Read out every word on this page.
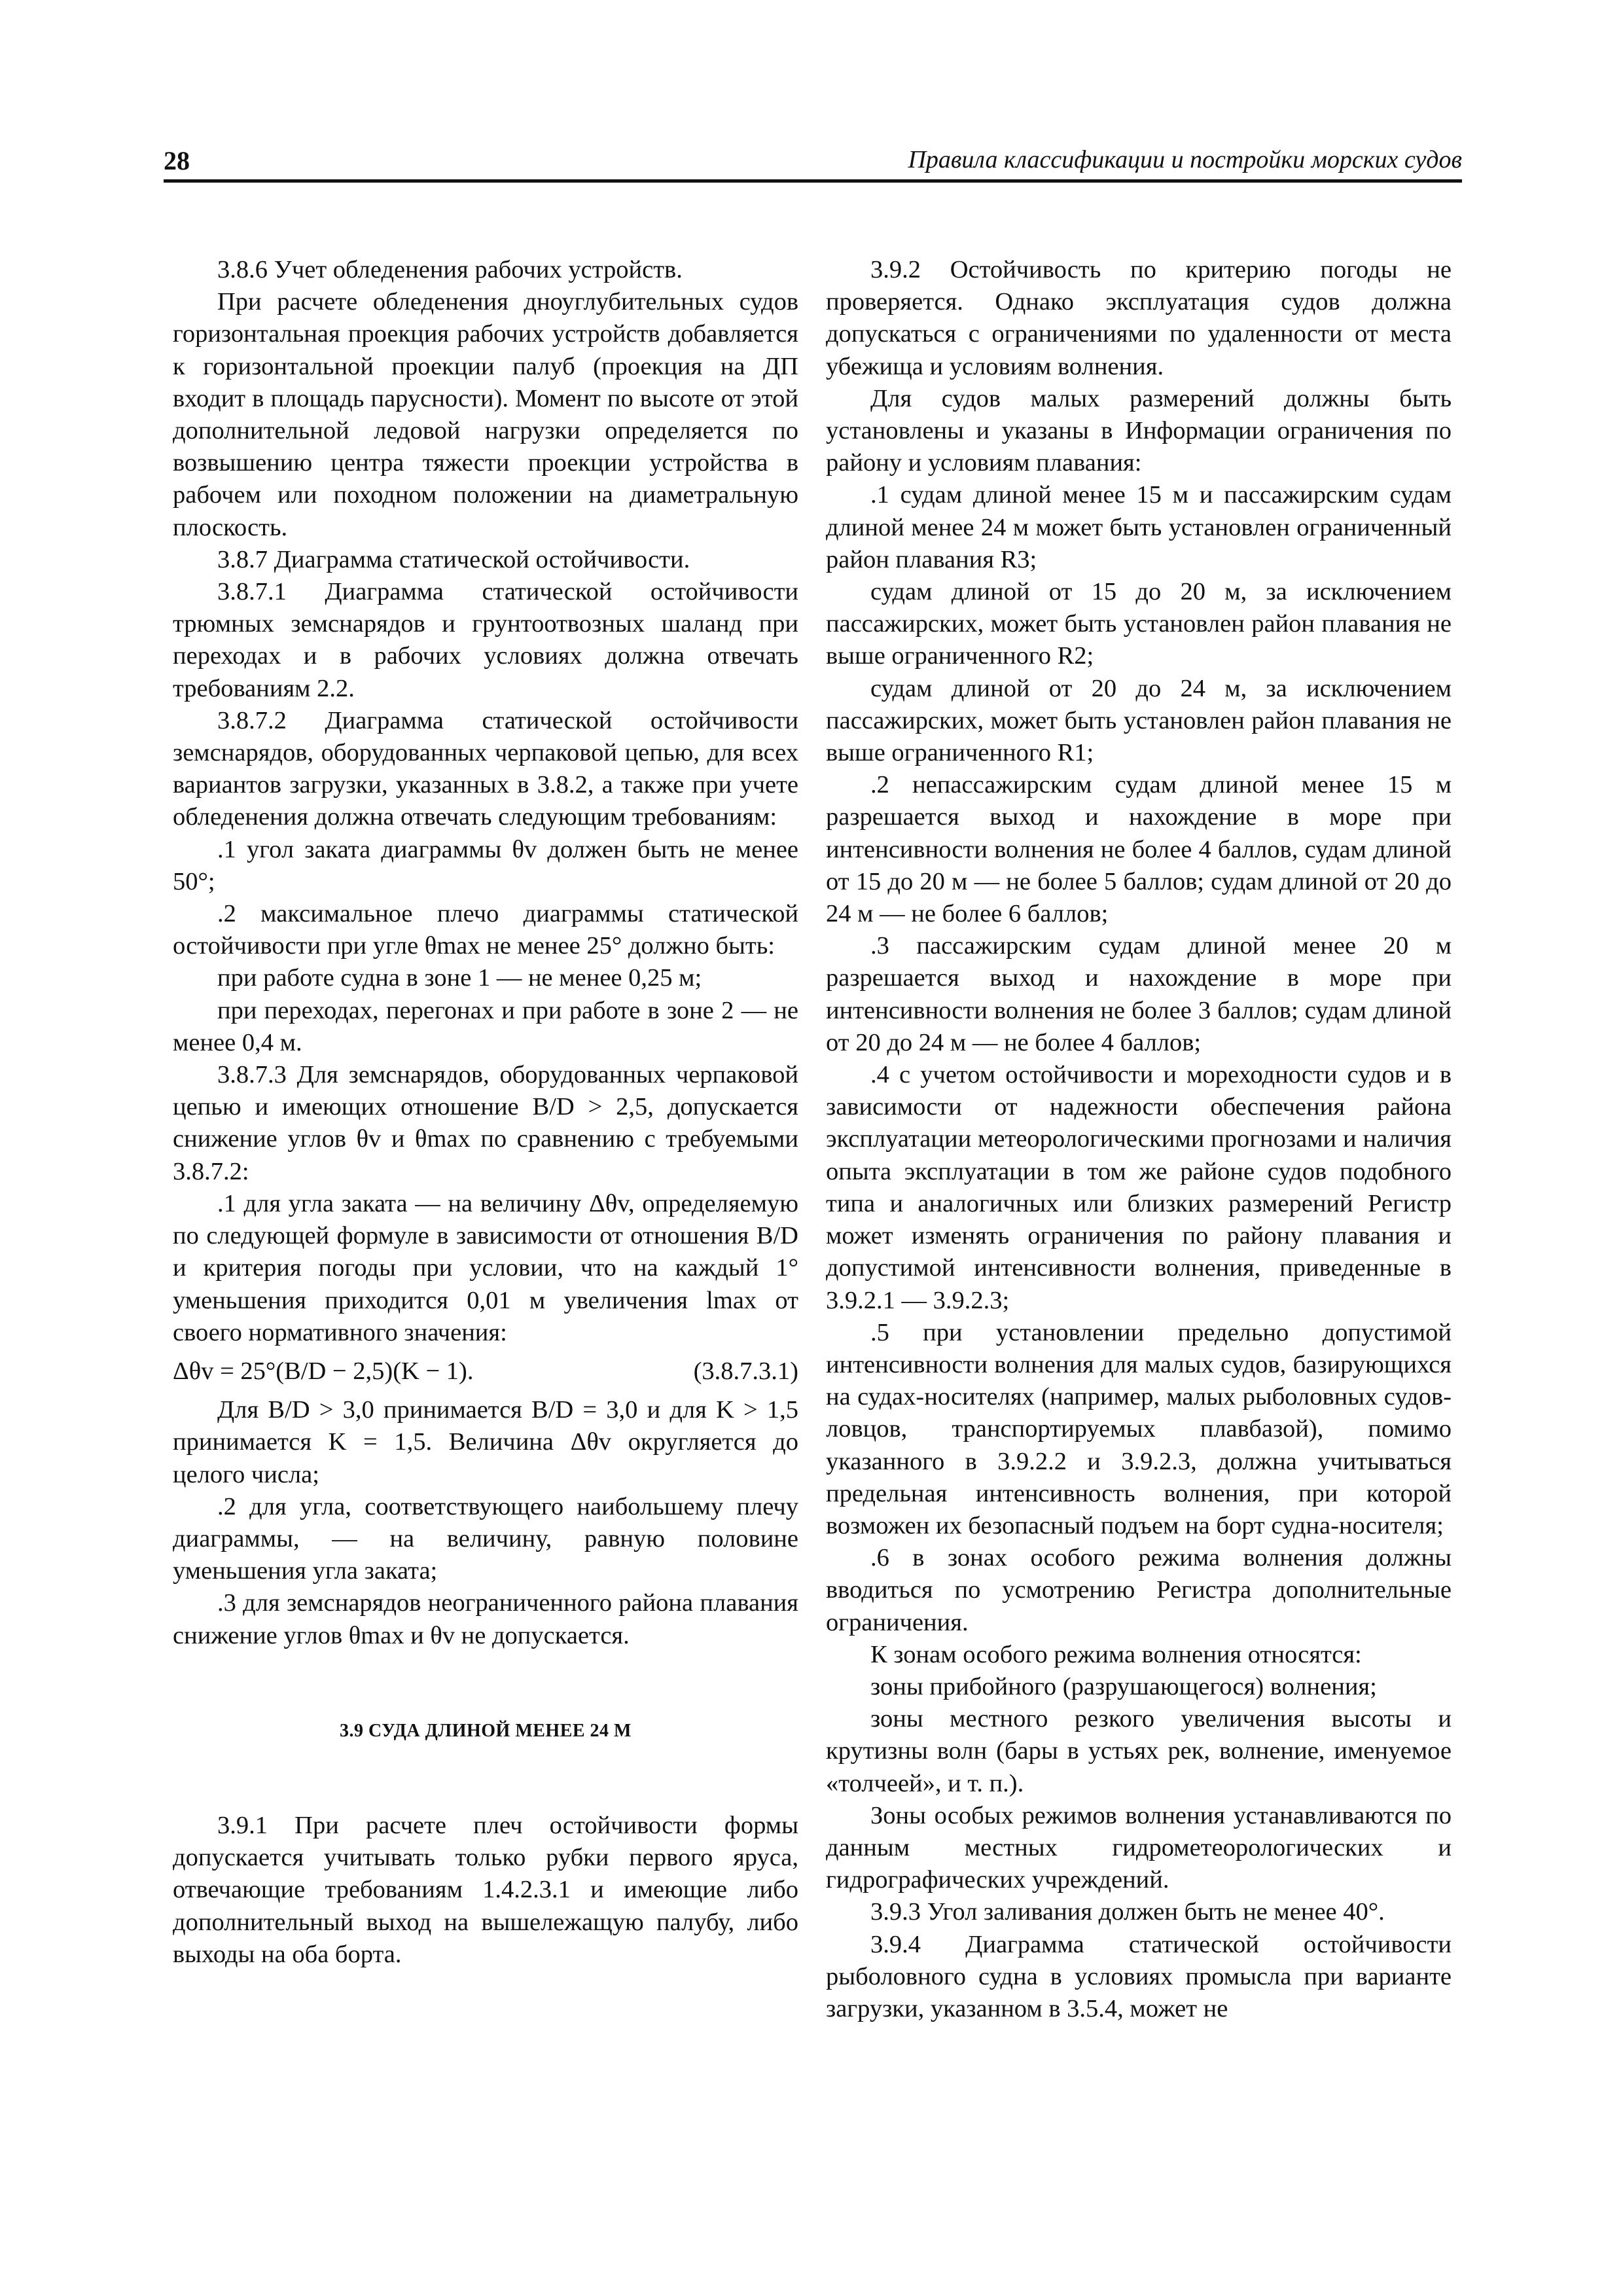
28	Правила классификации и постройки морских судов

3.8.6 Учет обледенения рабочих устройств.

При расчете обледенения дноуглубительных судов горизонтальная проекция рабочих устройств добавляется к горизонтальной проекции палуб (проекция на ДП входит в площадь парусности). Момент по высоте от этой дополнительной ледовой нагрузки определяется по возвышению центра тяжести проекции устройства в рабочем или походном положении на диаметральную плоскость.

3.8.7 Диаграмма статической остойчивости.

3.8.7.1 Диаграмма статической остойчивости трюмных земснарядов и грунтоотвозных шаланд при переходах и в рабочих условиях должна отвечать требованиям 2.2.

3.8.7.2 Диаграмма статической остойчивости земснарядов, оборудованных черпаковой цепью, для всех вариантов загрузки, указанных в 3.8.2, а также при учете обледенения должна отвечать следующим требованиям:

.1 угол заката диаграммы θv должен быть не менее 50°;

.2 максимальное плечо диаграммы статической остойчивости при угле θmax не менее 25° должно быть:

при работе судна в зоне 1 — не менее 0,25 м;

при переходах, перегонах и при работе в зоне 2 — не менее 0,4 м.

3.8.7.3 Для земснарядов, оборудованных черпаковой цепью и имеющих отношение B/D > 2,5, допускается снижение углов θv и θmax по сравнению с требуемыми 3.8.7.2:

.1 для угла заката — на величину Δθv, определяемую по следующей формуле в зависимости от отношения B/D и критерия погоды при условии, что на каждый 1° уменьшения приходится 0,01 м увеличения lmax от своего нормативного значения:

Δθv = 25°(B/D − 2,5)(K − 1).	(3.8.7.3.1)

Для B/D > 3,0 принимается B/D = 3,0 и для K > 1,5 принимается K = 1,5. Величина Δθv округляется до целого числа;

.2 для угла, соответствующего наибольшему плечу диаграммы, — на величину, равную половине уменьшения угла заката;

.3 для земснарядов неограниченного района плавания снижение углов θmax и θv не допускается.

3.9 СУДА ДЛИНОЙ МЕНЕЕ 24 М

3.9.1 При расчете плеч остойчивости формы допускается учитывать только рубки первого яруса, отвечающие требованиям 1.4.2.3.1 и имеющие либо дополнительный выход на вышележащую палубу, либо выходы на оба борта.

3.9.2 Остойчивость по критерию погоды не проверяется. Однако эксплуатация судов должна допускаться с ограничениями по удаленности от места убежища и условиям волнения.

Для судов малых размерений должны быть установлены и указаны в Информации ограничения по району и условиям плавания:

.1 судам длиной менее 15 м и пассажирским судам длиной менее 24 м может быть установлен ограниченный район плавания R3;

судам длиной от 15 до 20 м, за исключением пассажирских, может быть установлен район плавания не выше ограниченного R2;

судам длиной от 20 до 24 м, за исключением пассажирских, может быть установлен район плавания не выше ограниченного R1;

.2 непассажирским судам длиной менее 15 м разрешается выход и нахождение в море при интенсивности волнения не более 4 баллов, судам длиной от 15 до 20 м — не более 5 баллов; судам длиной от 20 до 24 м — не более 6 баллов;

.3 пассажирским судам длиной менее 20 м разрешается выход и нахождение в море при интенсивности волнения не более 3 баллов; судам длиной от 20 до 24 м — не более 4 баллов;

.4 с учетом остойчивости и мореходности судов и в зависимости от надежности обеспечения района эксплуатации метеорологическими прогнозами и наличия опыта эксплуатации в том же районе судов подобного типа и аналогичных или близких размерений Регистр может изменять ограничения по району плавания и допустимой интенсивности волнения, приведенные в 3.9.2.1 — 3.9.2.3;

.5 при установлении предельно допустимой интенсивности волнения для малых судов, базирующихся на судах-носителях (например, малых рыболовных судов-ловцов, транспортируемых плавбазой), помимо указанного в 3.9.2.2 и 3.9.2.3, должна учитываться предельная интенсивность волнения, при которой возможен их безопасный подъем на борт судна-носителя;

.6 в зонах особого режима волнения должны вводиться по усмотрению Регистра дополнительные ограничения.

К зонам особого режима волнения относятся:

зоны прибойного (разрушающегося) волнения;

зоны местного резкого увеличения высоты и крутизны волн (бары в устьях рек, волнение, именуемое «толчеей», и т. п.).

Зоны особых режимов волнения устанавливаются по данным местных гидрометеорологических и гидрографических учреждений.

3.9.3 Угол заливания должен быть не менее 40°.

3.9.4 Диаграмма статической остойчивости рыболовного судна в условиях промысла при варианте загрузки, указанном в 3.5.4, может не
